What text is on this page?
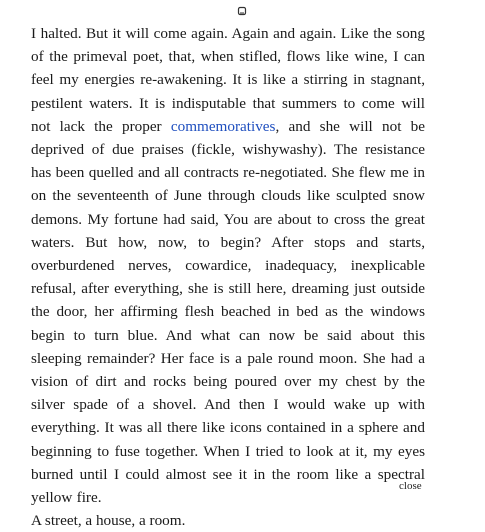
I halted. But it will come again. Again and again. Like the song of the primeval poet, that, when stifled, flows like wine, I can feel my energies re-awakening. It is like a stirring in stagnant, pestilent waters. It is indisputable that summers to come will not lack the proper commemoratives, and she will not be deprived of due praises (fickle, wishywashy). The resistance has been quelled and all contracts re-negotiated. She flew me in on the seventeenth of June through clouds like sculpted snow demons. My fortune had said, You are about to cross the great waters. But how, now, to begin? After stops and starts, overburdened nerves, cowardice, inadequacy, inexplicable refusal, after everything, she is still here, dreaming just outside the door, her affirming flesh beached in bed as the windows begin to turn blue. And what can now be said about this sleeping remainder? Her face is a pale round moon. She had a vision of dirt and rocks being poured over my chest by the silver spade of a shovel. And then I would wake up with everything. It was all there like icons contained in a sphere and beginning to fuse together. When I tried to look at it, my eyes burned until I could almost see it in the room like a spectral yellow fire.

A street, a house, a room.

close
